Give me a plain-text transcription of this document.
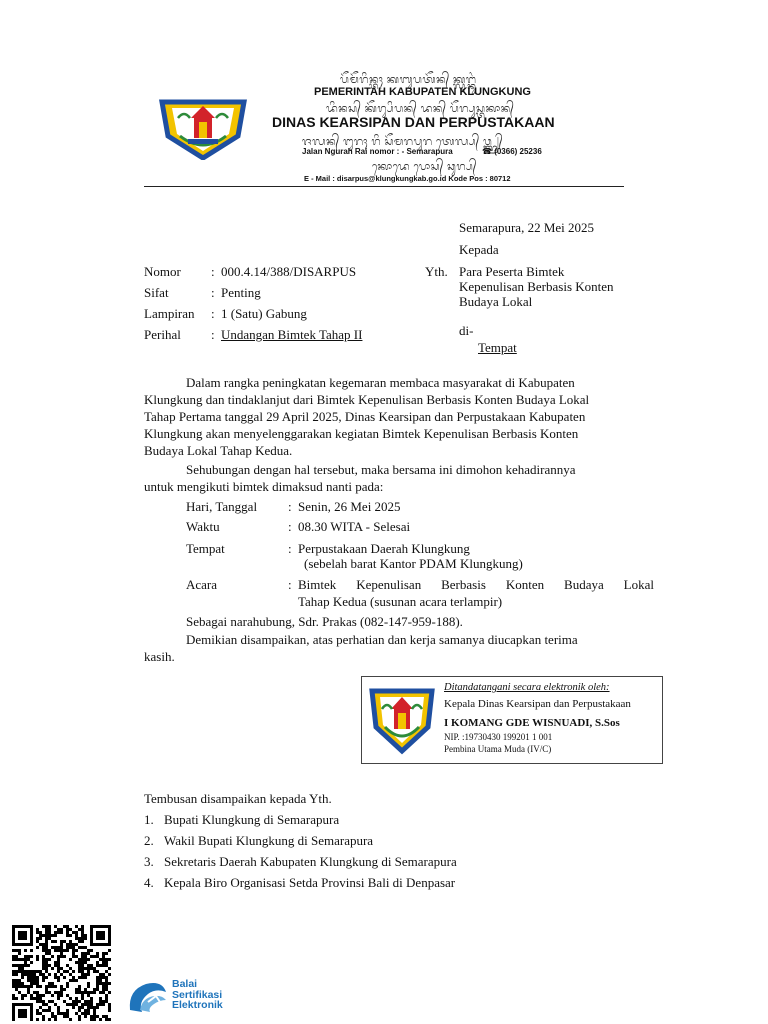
ᬧᭂᬫᭂᬭᬶᬦ᭄ᬢᬄ ᬓᬩᬸᬧᬢᭂᬦ᭄ ᬓ᭄ᬮᬸᬗ᭄ᬓᬸᬂ
PEMERINTAH KABUPATEN KLUNGKUNG
ᬤᬶᬦᬲ᭄ ᬓᭂᬭ᭄ᬲᬶᬧᬦ᭄ ᬤᬦ᭄ ᬧᭂᬭ᭄ᬧᬸᬲ᭄ᬢᬓᬵᬦ᭄
DINAS KEARSIPAN DAN PERPUSTAKAAN
ᬚᬮᬦ᭄ ᬗᬸᬭᬄ ᬭᬶ ᬲᭂᬫᬭᬧᬸᬭ ᬢᬾᬮ᭄ᬧ᭄ ᬯ᭄ᬜ᭄ᬚ᭄ᬭ᭄
Jalan Ngurah Rai nomor : - Semarapura	☎ (0366) 25236
ᬓᭀᬤᬾ ᬧᭀᬲ᭄ ᬘᬸᬭ᭄ᬧ᭄
E - Mail : disarpus@klungkungkab.go.id Kode Pos : 80712
Semarapura, 22 Mei 2025
Kepada
Yth. Para Peserta Bimtek
Kepenulisan Berbasis Konten
Budaya Lokal
di-
Tempat
Nomor : 000.4.14/388/DISARPUS
Sifat	: Penting
Lampiran : 1 (Satu) Gabung
Perihal : Undangan Bimtek Tahap II
Dalam rangka peningkatan kegemaran membaca masyarakat di Kabupaten
Klungkung dan tindaklanjut dari Bimtek Kepenulisan Berbasis Konten Budaya Lokal
Tahap Pertama tanggal 29 April 2025, Dinas Kearsipan dan Perpustakaan Kabupaten
Klungkung akan menyelenggarakan kegiatan Bimtek Kepenulisan Berbasis Konten
Budaya Lokal Tahap Kedua.
Sehubungan dengan hal tersebut, maka bersama ini dimohon kehadirannya
untuk mengikuti bimtek dimaksud nanti pada:
Hari, Tanggal : Senin, 26 Mei 2025
Waktu	: 08.30 WITA - Selesai
Tempat	: Perpustakaan Daerah Klungkung
(sebelah barat Kantor PDAM Klungkung)
Acara	: Bimtek Kepenulisan Berbasis Konten Budaya Lokal
Tahap Kedua (susunan acara terlampir)
Sebagai narahubung, Sdr. Prakas (082-147-959-188).
Demikian disampaikan, atas perhatian dan kerja samanya diucapkan terima
kasih.
Ditandatangani secara elektronik oleh:
Kepala Dinas Kearsipan dan Perpustakaan
I KOMANG GDE WISNUADI, S.Sos
NIP. :19730430 199201 1 001
Pembina Utama Muda (IV/C)
Tembusan disampaikan kepada Yth.
1. Bupati Klungkung di Semarapura
2. Wakil Bupati Klungkung di Semarapura
3. Sekretaris Daerah Kabupaten Klungkung di Semarapura
4. Kepala Biro Organisasi Setda Provinsi Bali di Denpasar
Balai
Sertifikasi
Elektronik
